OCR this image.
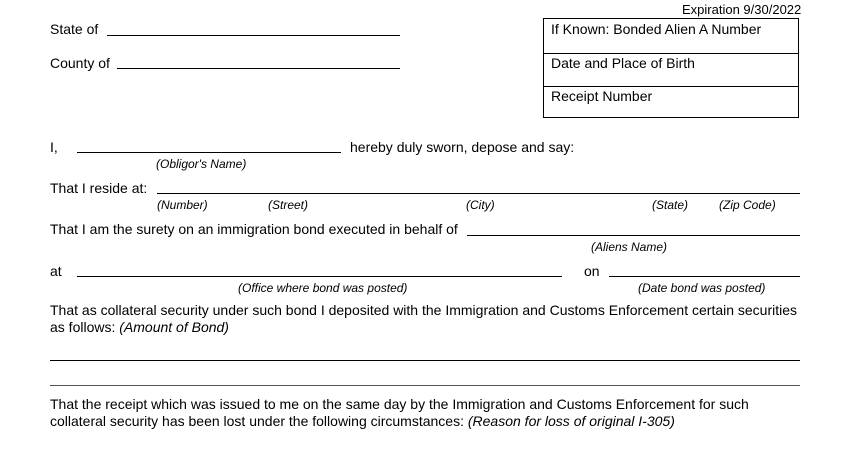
Expiration 9/30/2022
State of
County of
If Known: Bonded Alien A Number
Date and Place of Birth
Receipt Number
I,	hereby duly sworn, depose and say:
(Obligor's Name)
That I reside at:
(Number)	(Street)	(City)	(State)	(Zip Code)
That I am the surety on an immigration bond executed in behalf of
(Aliens Name)
at	on
(Office where bond was posted)	(Date bond was posted)
That as collateral security under such bond I deposited with the Immigration and Customs Enforcement certain securities as follows: (Amount of Bond)
That the receipt which was issued to me on the same day by the Immigration and Customs Enforcement for such collateral security has been lost under the following circumstances: (Reason for loss of original I-305)
